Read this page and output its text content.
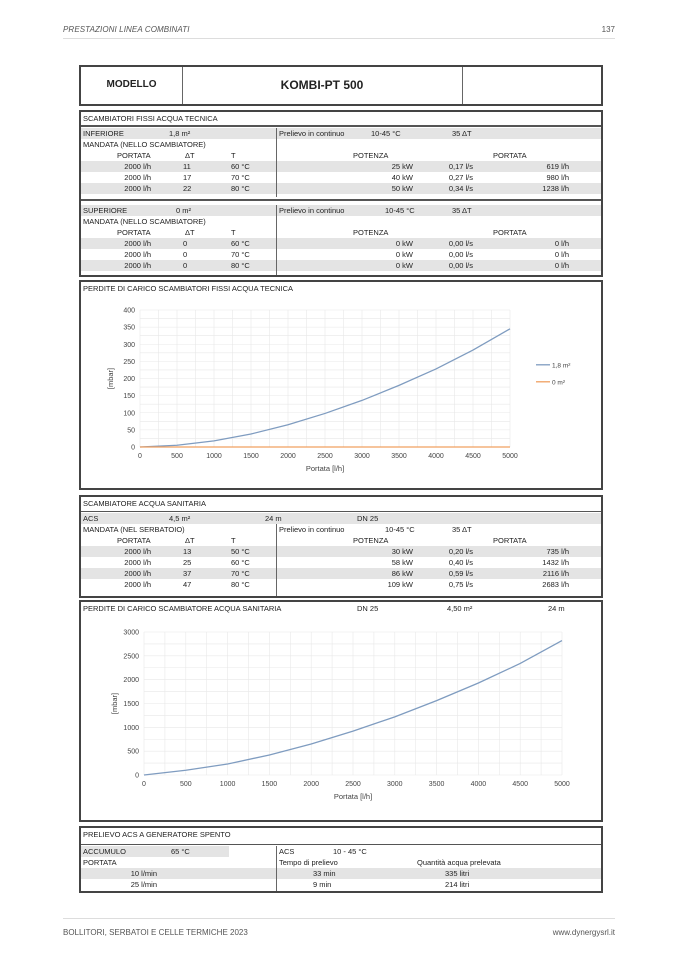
PRESTAZIONI LINEA COMBINATI	137
MODELLO	KOMBI-PT 500
SCAMBIATORI FISSI ACQUA TECNICA
INFERIORE	1,8 m²	Prelievo in continuo	10-45 °C	35 ΔT
MANDATA (NELLO SCAMBIATORE)
PORTATA	ΔT	T	POTENZA	PORTATA
2000 l/h	11	60 °C	25 kW	0,17 l/s	619 l/h
2000 l/h	17	70 °C	40 kW	0,27 l/s	980 l/h
2000 l/h	22	80 °C	50 kW	0,34 l/s	1238 l/h
SUPERIORE	0 m²	Prelievo in continuo	10-45 °C	35 ΔT
MANDATA (NELLO SCAMBIATORE)
PORTATA	ΔT	T	POTENZA	PORTATA
2000 l/h	0	60 °C	0 kW	0,00 l/s	0 l/h
2000 l/h	0	70 °C	0 kW	0,00 l/s	0 l/h
2000 l/h	0	80 °C	0 kW	0,00 l/s	0 l/h
PERDITE DI CARICO SCAMBIATORI FISSI ACQUA TECNICA
0	500	1000	1500	2000	2500	3000	3500	4000	4500	5000
0
50
100
150
200
250
300
350
400
Portata [l/h]
[mbar]
1,8 m²
0 m²
SCAMBIATORE ACQUA SANITARIA
ACS	4,5 m²	24 m	DN 25
MANDATA (NEL SERBATOIO)	Prelievo in continuo	10-45 °C	35 ΔT
PORTATA	ΔT	T	POTENZA	PORTATA
2000 l/h	13	50 °C	30 kW	0,20 l/s	735 l/h
2000 l/h	25	60 °C	58 kW	0,40 l/s	1432 l/h
2000 l/h	37	70 °C	86 kW	0,59 l/s	2116 l/h
2000 l/h	47	80 °C	109 kW	0,75 l/s	2683 l/h
PERDITE DI CARICO SCAMBIATORE ACQUA SANITARIA	DN 25	4,50 m²	24 m
0	500	1000	1500	2000	2500	3000	3500	4000	4500	5000
0
500
1000
1500
2000
2500
3000
Portata [l/h]
[mbar]
PRELIEVO ACS A GENERATORE SPENTO
ACCUMULO	65 °C	ACS	10 - 45 °C
PORTATA	Tempo di prelievo	Quantità acqua prelevata
10 l/min	33 min	335 litri
25 l/min	9 min	214 litri
BOLLITORI, SERBATOI E CELLE TERMICHE 2023	www.dynergysrl.it
